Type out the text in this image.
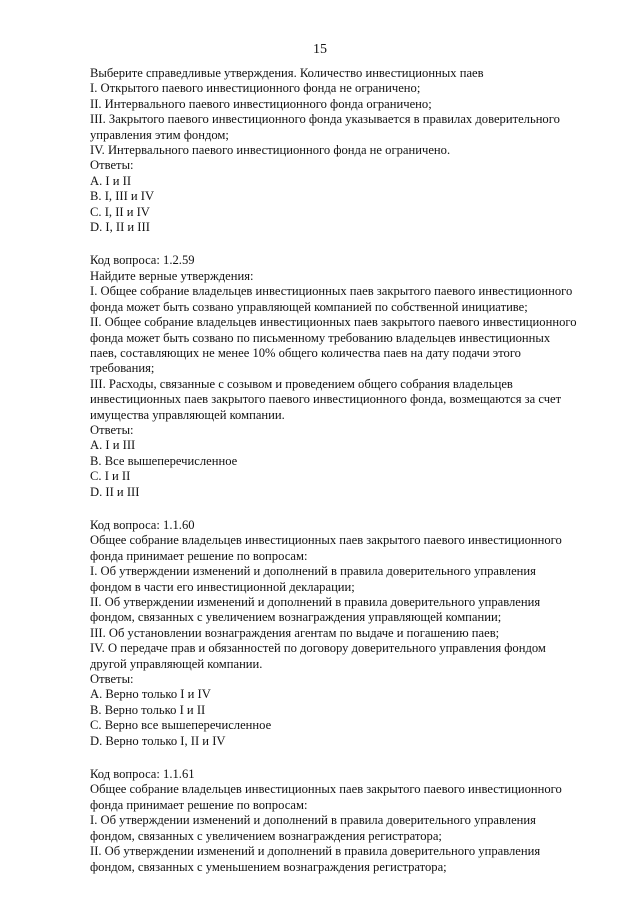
15
Выберите справедливые утверждения. Количество инвестиционных паев
I. Открытого паевого инвестиционного фонда не ограничено;
II. Интервального паевого инвестиционного фонда ограничено;
III. Закрытого паевого инвестиционного фонда указывается в правилах доверительного
управления этим фондом;
IV. Интервального паевого инвестиционного фонда не ограничено.
Ответы:
A. I и II
B. I, III и IV
C. I, II и IV
D. I, II и III
Код вопроса: 1.2.59
Найдите верные утверждения:
I. Общее собрание владельцев инвестиционных паев закрытого паевого инвестиционного
фонда может быть созвано управляющей компанией по собственной инициативе;
II. Общее собрание владельцев инвестиционных паев закрытого паевого инвестиционного
фонда может быть созвано по письменному требованию владельцев инвестиционных
паев, составляющих не менее 10% общего количества паев на дату подачи этого
требования;
III. Расходы, связанные с созывом и проведением общего собрания владельцев
инвестиционных паев закрытого паевого инвестиционного фонда, возмещаются за счет
имущества управляющей компании.
Ответы:
A. I и III
B. Все вышеперечисленное
C. I и II
D. II и III
Код вопроса: 1.1.60
Общее собрание владельцев инвестиционных паев закрытого паевого инвестиционного
фонда принимает решение по вопросам:
I. Об утверждении изменений и дополнений в правила доверительного управления
фондом в части его инвестиционной декларации;
II. Об утверждении изменений и дополнений в правила доверительного управления
фондом, связанных с увеличением вознаграждения управляющей компании;
III. Об установлении вознаграждения агентам по выдаче и погашению паев;
IV. О передаче прав и обязанностей по договору доверительного управления фондом
другой управляющей компании.
Ответы:
A. Верно только I и IV
B. Верно только I и II
C. Верно все вышеперечисленное
D. Верно только I, II и IV
Код вопроса: 1.1.61
Общее собрание владельцев инвестиционных паев закрытого паевого инвестиционного
фонда принимает решение по вопросам:
I. Об утверждении изменений и дополнений в правила доверительного управления
фондом, связанных с увеличением вознаграждения регистратора;
II. Об утверждении изменений и дополнений в правила доверительного управления
фондом, связанных с уменьшением вознаграждения регистратора;
